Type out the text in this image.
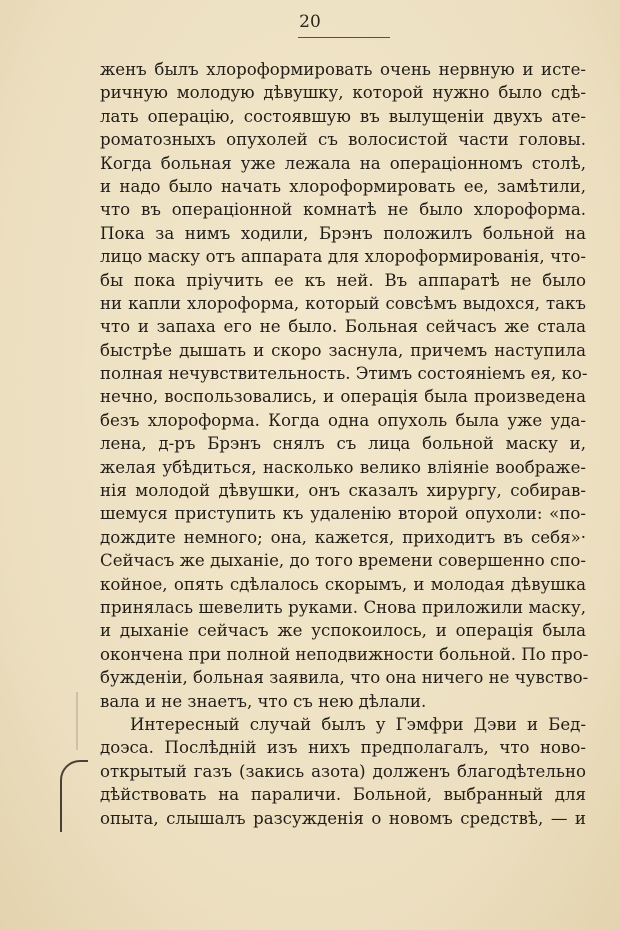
20
женъ былъ хлороформировать очень нервную и исте-
ричную молодую дѣвушку, которой нужно было сдѣ-
лать операцію, состоявшую въ вылущеніи двухъ ате-
роматозныхъ опухолей съ волосистой части головы.
Когда больная уже лежала на операціонномъ столѣ,
и надо было начать хлороформировать ее, замѣтили,
что въ операціонной комнатѣ не было хлороформа.
Пока за нимъ ходили, Брэнъ положилъ больной на
лицо маску отъ аппарата для хлороформированія, что-
бы пока пріучить ее къ ней. Въ аппаратѣ не было
ни капли хлороформа, который совсѣмъ выдохся, такъ
что и запаха его не было. Больная сейчасъ же стала
быстрѣе дышать и скоро заснула, причемъ наступила
полная нечувствительность. Этимъ состояніемъ ея, ко-
нечно, воспользовались, и операція была произведена
безъ хлороформа. Когда одна опухоль была уже уда-
лена, д-ръ Брэнъ снялъ съ лица больной маску и,
желая убѣдиться, насколько велико вліяніе воображе-
нія молодой дѣвушки, онъ сказалъ хирургу, собирав-
шемуся приступить къ удаленію второй опухоли: «по-
дождите немного; она, кажется, приходитъ въ себя»·
Сейчасъ же дыханіе, до того времени совершенно спо-
койное, опять сдѣлалось скорымъ, и молодая дѣвушка
принялась шевелить руками. Снова приложили маску,
и дыханіе сейчасъ же успокоилось, и операція была
окончена при полной неподвижности больной. По про-
бужденіи, больная заявила, что она ничего не чувство-
вала и не знаетъ, что съ нею дѣлали.
Интересный случай былъ у Гэмфри Дэви и Бед-
доэса. Послѣдній изъ нихъ предполагалъ, что ново-
открытый газъ (закись азота) долженъ благодѣтельно
дѣйствовать на параличи. Больной, выбранный для
опыта, слышалъ разсужденія о новомъ средствѣ, — и
